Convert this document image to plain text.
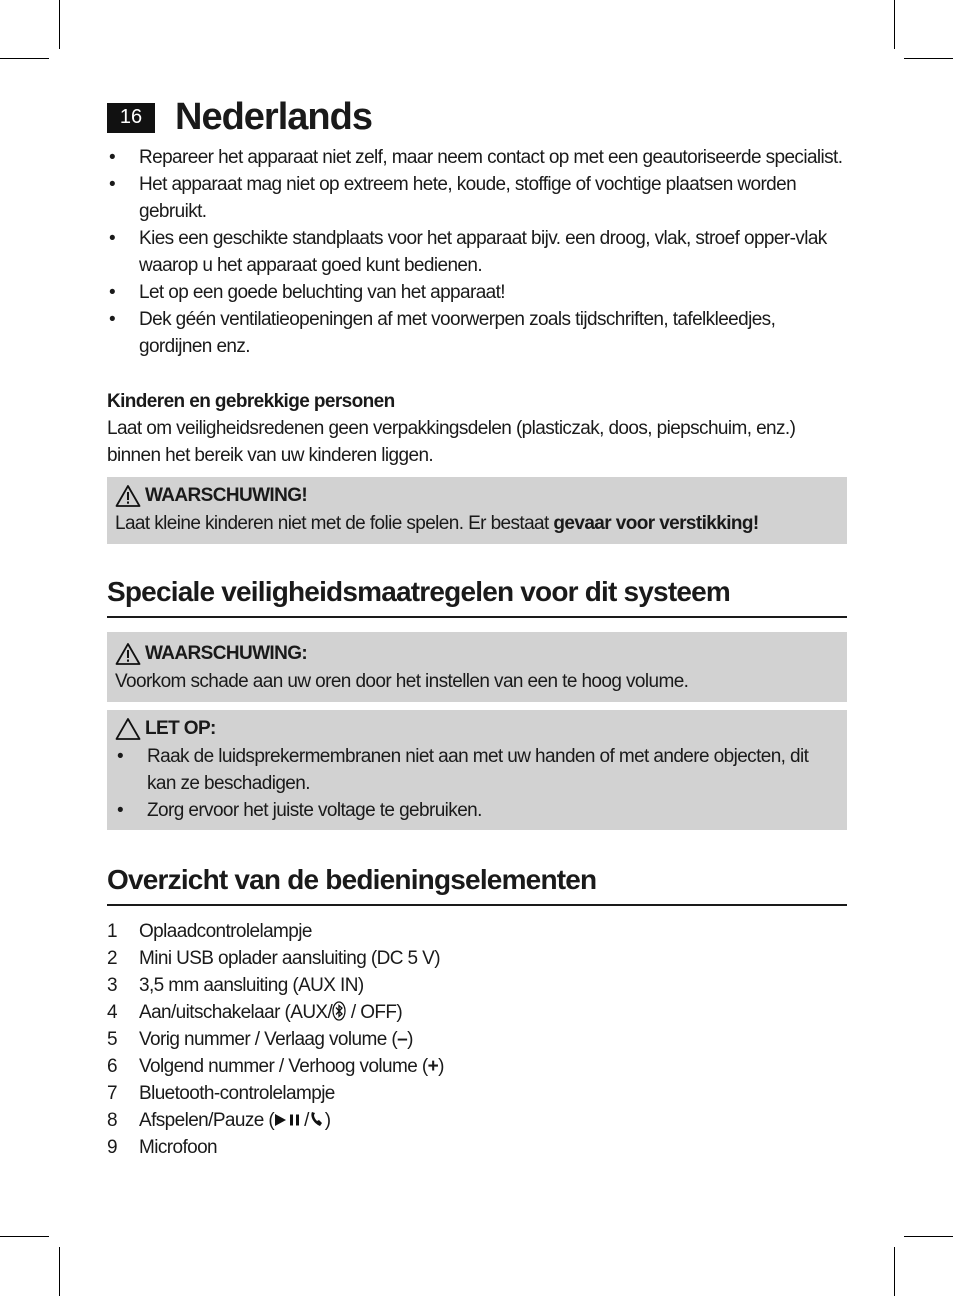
16 Nederlands
• Repareer het apparaat niet zelf, maar neem contact op met een geautoriseerde specialist.
• Het apparaat mag niet op extreem hete, koude, stoffige of vochtige plaatsen worden gebruikt.
• Kies een geschikte standplaats voor het apparaat bijv. een droog, vlak, stroef opper-vlak waarop u het apparaat goed kunt bedienen.
• Let op een goede beluchting van het apparaat!
• Dek géén ventilatieopeningen af met voorwerpen zoals tijdschriften, tafelkleedjes, gordijnen enz.
Kinderen en gebrekkige personen
Laat om veiligheidsredenen geen verpakkingsdelen (plasticzak, doos, piepschuim, enz.) binnen het bereik van uw kinderen liggen.
WAARSCHUWING!
Laat kleine kinderen niet met de folie spelen. Er bestaat gevaar voor verstikking!
Speciale veiligheidsmaatregelen voor dit systeem
WAARSCHUWING:
Voorkom schade aan uw oren door het instellen van een te hoog volume.
LET OP:
• Raak de luidsprekermembranen niet aan met uw handen of met andere objecten, dit kan ze beschadigen.
• Zorg ervoor het juiste voltage te gebruiken.
Overzicht van de bedieningselementen
1	Oplaadcontrolelampje
2	Mini USB oplader aansluiting (DC 5 V)
3	3,5 mm aansluiting (AUX IN)
4	Aan/uitschakelaar (AUX/ / OFF)
5	Vorig nummer / Verlaag volume (–)
6	Volgend nummer / Verhoog volume (+)
7	Bluetooth-controlelampje
8	Afspelen/Pauze ( / )
9	Microfoon
